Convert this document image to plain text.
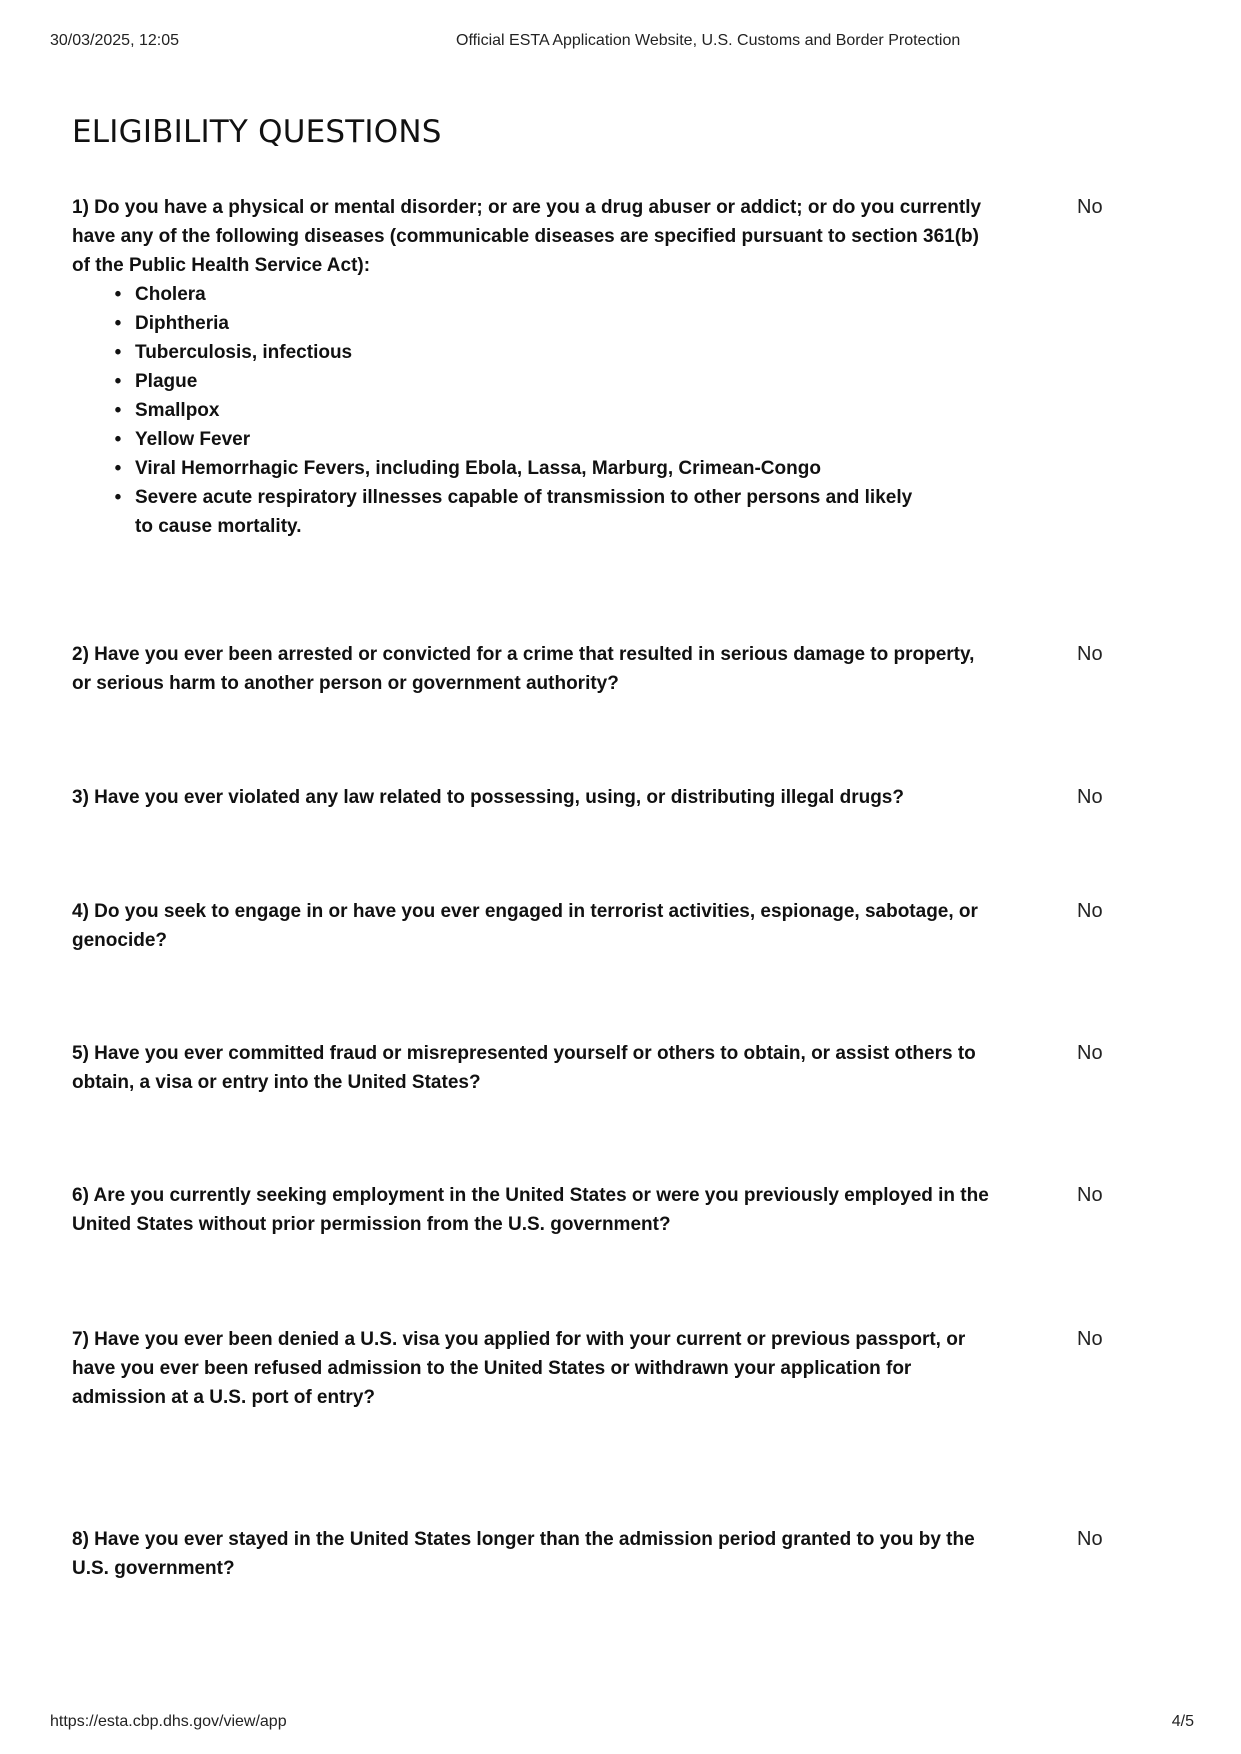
30/03/2025, 12:05	Official ESTA Application Website, U.S. Customs and Border Protection
ELIGIBILITY QUESTIONS
1) Do you have a physical or mental disorder; or are you a drug abuser or addict; or do you currently have any of the following diseases (communicable diseases are specified pursuant to section 361(b) of the Public Health Service Act):
• Cholera
• Diphtheria
• Tuberculosis, infectious
• Plague
• Smallpox
• Yellow Fever
• Viral Hemorrhagic Fevers, including Ebola, Lassa, Marburg, Crimean-Congo
• Severe acute respiratory illnesses capable of transmission to other persons and likely to cause mortality.
No
2) Have you ever been arrested or convicted for a crime that resulted in serious damage to property, or serious harm to another person or government authority?
No
3) Have you ever violated any law related to possessing, using, or distributing illegal drugs?	No
4) Do you seek to engage in or have you ever engaged in terrorist activities, espionage, sabotage, or genocide?
No
5) Have you ever committed fraud or misrepresented yourself or others to obtain, or assist others to obtain, a visa or entry into the United States?
No
6) Are you currently seeking employment in the United States or were you previously employed in the United States without prior permission from the U.S. government?
No
7) Have you ever been denied a U.S. visa you applied for with your current or previous passport, or have you ever been refused admission to the United States or withdrawn your application for admission at a U.S. port of entry?
No
8) Have you ever stayed in the United States longer than the admission period granted to you by the U.S. government?
No
https://esta.cbp.dhs.gov/view/app	4/5
